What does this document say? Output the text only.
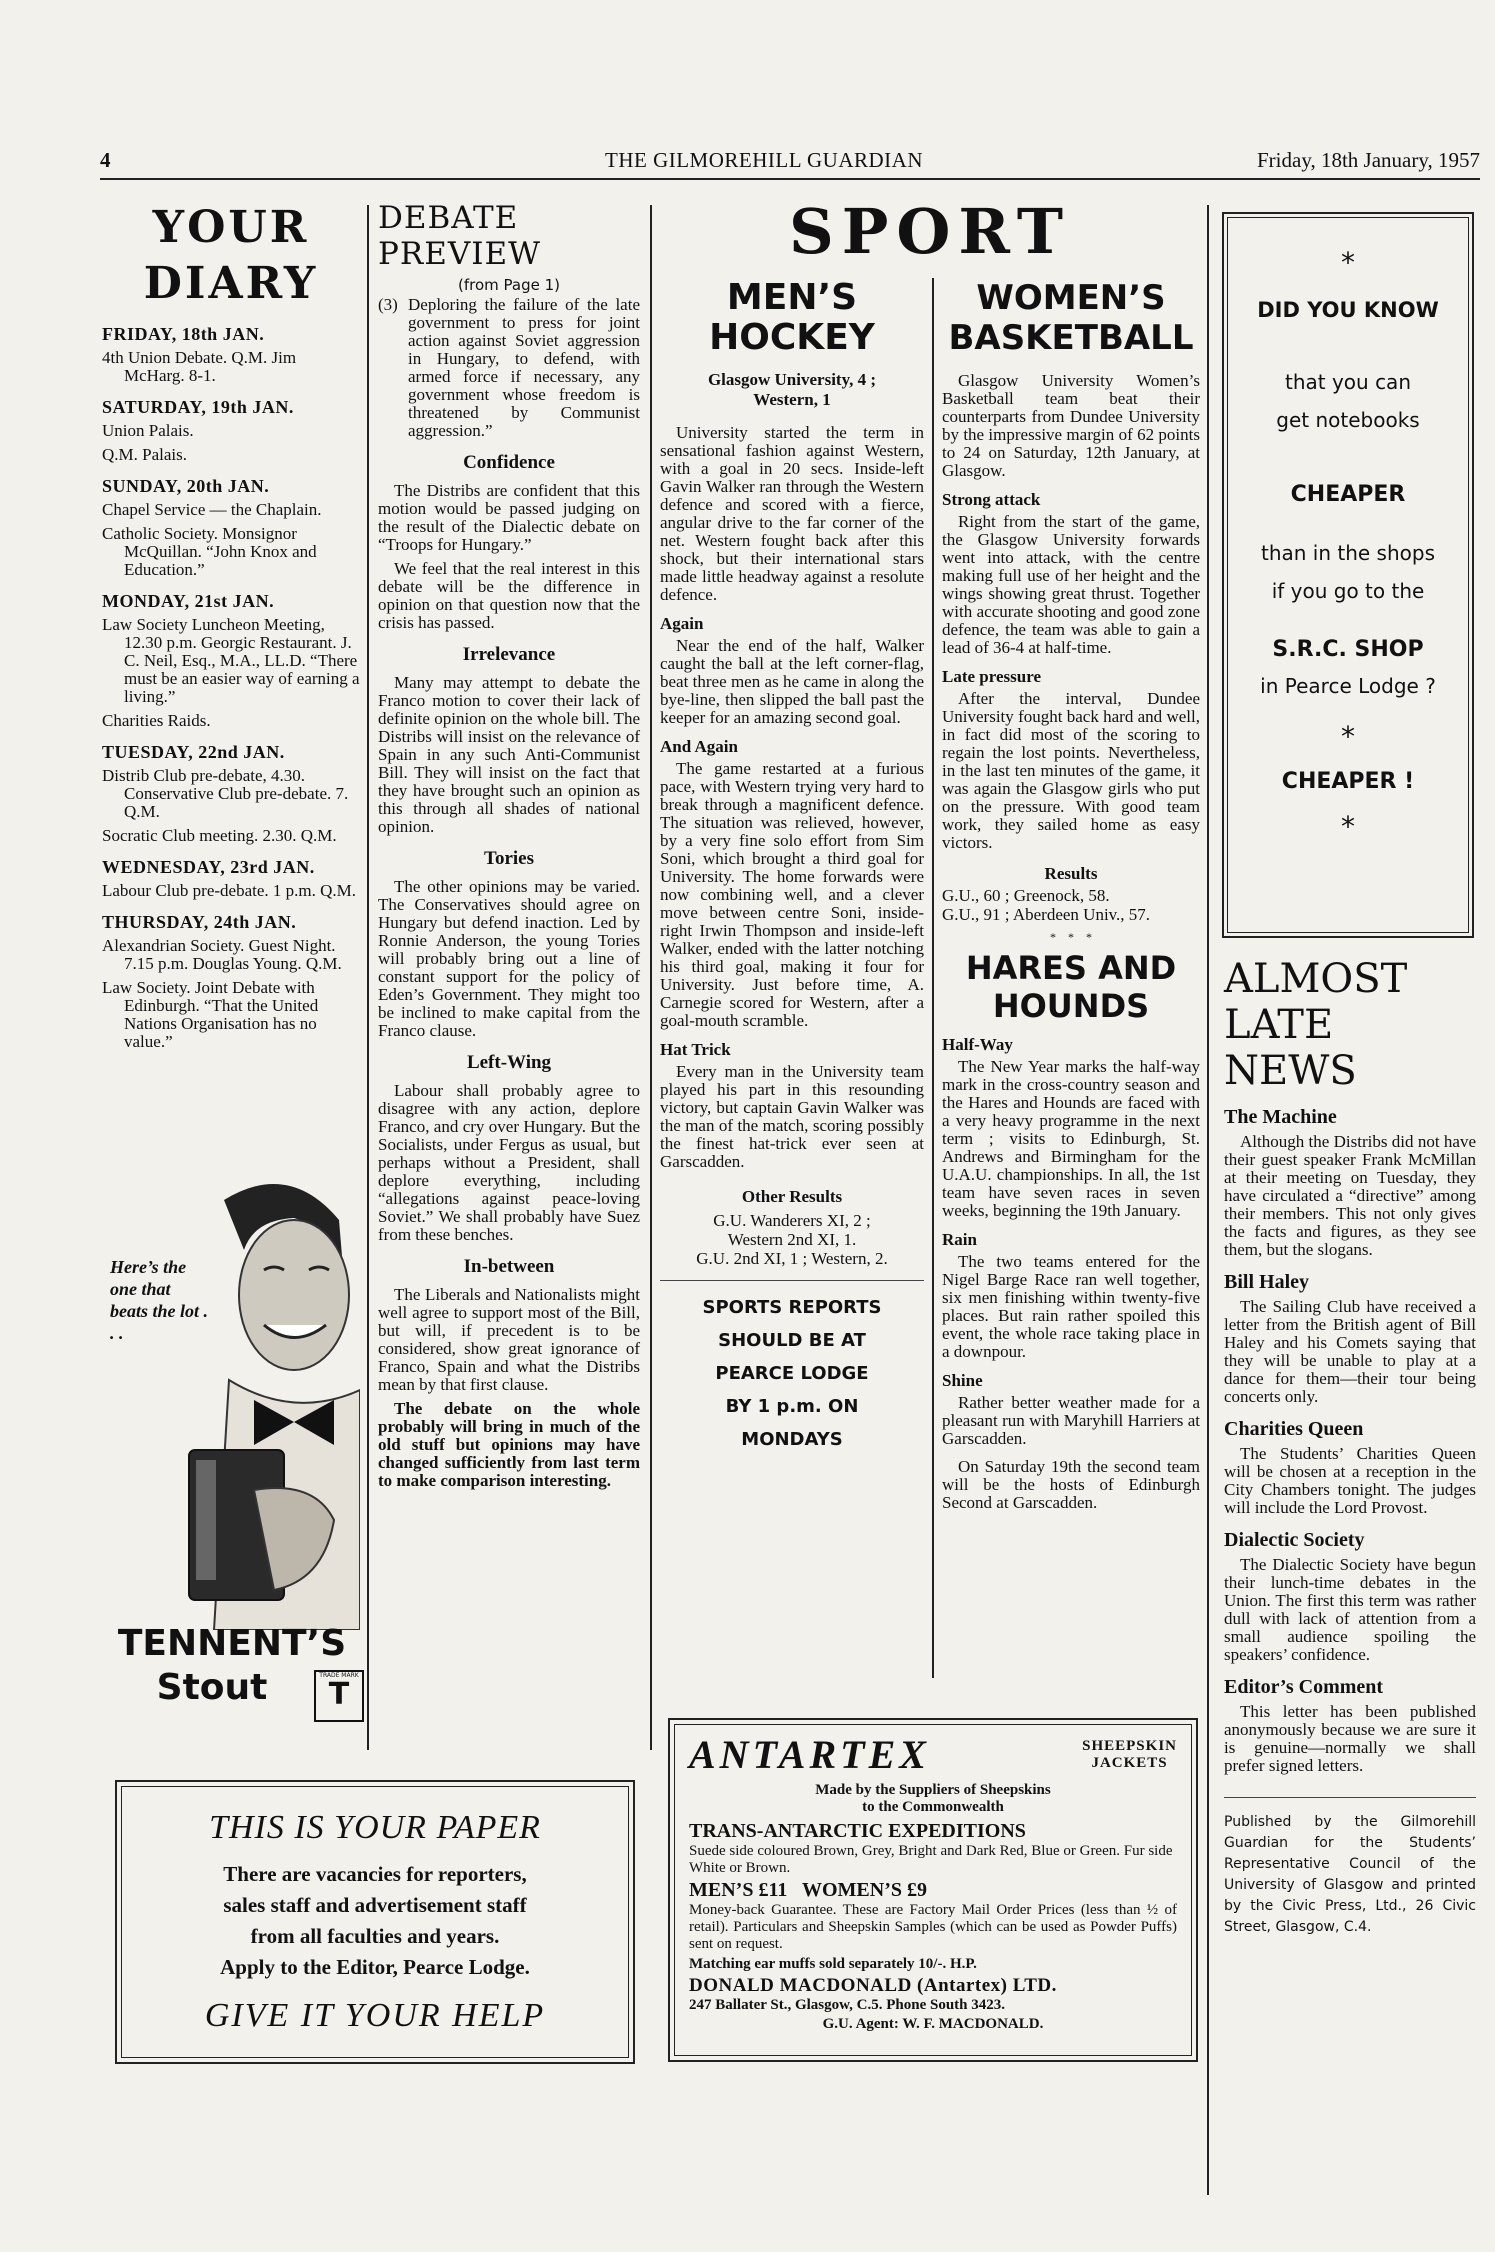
4	THE GILMOREHILL GUARDIAN	Friday, 18th January, 1957
YOUR
DIARY
FRIDAY, 18th JAN.
4th Union Debate. Q.M. Jim McHarg. 8-1.
SATURDAY, 19th JAN.
Union Palais.
Q.M. Palais.
SUNDAY, 20th JAN.
Chapel Service — the Chaplain.
Catholic Society. Monsignor McQuillan. “John Knox and Education.”
MONDAY, 21st JAN.
Law Society Luncheon Meeting, 12.30 p.m. Georgic Restaurant. J. C. Neil, Esq., M.A., LL.D. “There must be an easier way of earning a living.”
Charities Raids.
TUESDAY, 22nd JAN.
Distrib Club pre-debate, 4.30. Conservative Club pre-debate. 7. Q.M.
Socratic Club meeting. 2.30. Q.M.
WEDNESDAY, 23rd JAN.
Labour Club pre-debate. 1 p.m. Q.M.
THURSDAY, 24th JAN.
Alexandrian Society. Guest Night. 7.15 p.m. Douglas Young. Q.M.
Law Society. Joint Debate with Edinburgh. “That the United Nations Organisation has no value.”
Here’s the one that beats the lot . . .
TENNENT’S
Stout	TRADE MARK
T
DEBATE
PREVIEW
(from Page 1)
(3) Deploring the failure of the late government to press for joint action against Soviet aggression in Hungary, to defend, with armed force if necessary, any government whose freedom is threatened by Communist aggression.”
Confidence

The Distribs are confident that this motion would be passed judging on the result of the Dialectic debate on “Troops for Hungary.”

We feel that the real interest in this debate will be the difference in opinion on that question now that the crisis has passed.

Irrelevance

Many may attempt to debate the Franco motion to cover their lack of definite opinion on the whole bill. The Distribs will insist on the relevance of Spain in any such Anti-Communist Bill. They will insist on the fact that they have brought such an opinion as this through all shades of national opinion.

Tories

The other opinions may be varied. The Conservatives should agree on Hungary but defend inaction. Led by Ronnie Anderson, the young Tories will probably bring out a line of constant support for the policy of Eden’s Government. They might too be inclined to make capital from the Franco clause.

Left-Wing

Labour shall probably agree to disagree with any action, deplore Franco, and cry over Hungary. But the Socialists, under Fergus as usual, but perhaps without a President, shall deplore everything, including “allegations against peace-loving Soviet.” We shall probably have Suez from these benches.

In-between

The Liberals and Nationalists might well agree to support most of the Bill, but will, if precedent is to be considered, show great ignorance of Franco, Spain and what the Distribs mean by that first clause.

The debate on the whole probably will bring in much of the old stuff but opinions may have changed sufficiently from last term to make comparison interesting.

SPORT
MEN’S
HOCKEY
Glasgow University, 4 ;
Western, 1

University started the term in sensational fashion against Western, with a goal in 20 secs. Inside-left Gavin Walker ran through the Western defence and scored with a fierce, angular drive to the far corner of the net. Western fought back after this shock, but their international stars made little headway against a resolute defence.

Again

Near the end of the half, Walker caught the ball at the left corner-flag, beat three men as he came in along the bye-line, then slipped the ball past the keeper for an amazing second goal.

And Again

The game restarted at a furious pace, with Western trying very hard to break through a magnificent defence. The situation was relieved, however, by a very fine solo effort from Sim Soni, which brought a third goal for University. The home forwards were now combining well, and a clever move between centre Soni, inside-right Irwin Thompson and inside-left Walker, ended with the latter notching his third goal, making it four for University. Just before time, A. Carnegie scored for Western, after a goal-mouth scramble.

Hat Trick

Every man in the University team played his part in this resounding victory, but captain Gavin Walker was the man of the match, scoring possibly the finest hat-trick ever seen at Garscadden.

Other Results
G.U. Wanderers XI, 2 ;
Western 2nd XI, 1.
G.U. 2nd XI, 1 ; Western, 2.
SPORTS REPORTS
SHOULD BE AT
PEARCE LODGE
BY 1 p.m. ON
MONDAYS
WOMEN’S
BASKETBALL

Glasgow University Women’s Basketball team beat their counterparts from Dundee University by the impressive margin of 62 points to 24 on Saturday, 12th January, at Glasgow.

Strong attack

Right from the start of the game, the Glasgow University forwards went into attack, with the centre making full use of her height and the wings showing great thrust. Together with accurate shooting and good zone defence, the team was able to gain a lead of 36-4 at half-time.

Late pressure

After the interval, Dundee University fought back hard and well, in fact did most of the scoring to regain the lost points. Nevertheless, in the last ten minutes of the game, it was again the Glasgow girls who put on the pressure. With good team work, they sailed home as easy victors.

Results
G.U., 60 ; Greenock, 58.
G.U., 91 ; Aberdeen Univ., 57.
*    *    *
HARES AND
HOUNDS
Half-Way

The New Year marks the half-way mark in the cross-country season and the Hares and Hounds are faced with a very heavy programme in the next term ; visits to Edinburgh, St. Andrews and Birmingham for the U.A.U. championships. In all, the 1st team have seven races in seven weeks, beginning the 19th January.

Rain

The two teams entered for the Nigel Barge Race ran well together, six men finishing within twenty-five places. But rain rather spoiled this event, the whole race taking place in a downpour.

Shine

Rather better weather made for a pleasant run with Maryhill Harriers at Garscadden.

On Saturday 19th the second team will be the hosts of Edinburgh Second at Garscadden.

*
DID YOU KNOW
that you can
get notebooks
CHEAPER
than in the shops
if you go to the
S.R.C. SHOP
in Pearce Lodge ?
*
CHEAPER !
*
ALMOST
LATE
NEWS
The Machine

Although the Distribs did not have their guest speaker Frank McMillan at their meeting on Tuesday, they have circulated a “directive” among their members. This not only gives the facts and figures, as they see them, but the slogans.

Bill Haley

The Sailing Club have received a letter from the British agent of Bill Haley and his Comets saying that they will be unable to play at a dance for them—their tour being concerts only.

Charities Queen

The Students’ Charities Queen will be chosen at a reception in the City Chambers tonight. The judges will include the Lord Provost.

Dialectic Society

The Dialectic Society have begun their lunch-time debates in the Union. The first this term was rather dull with lack of attention from a small audience spoiling the speakers’ confidence.

Editor’s Comment

This letter has been published anonymously because we are sure it is genuine—normally we shall prefer signed letters.

Published by the Gilmorehill Guardian for the Students’ Representative Council of the University of Glasgow and printed by the Civic Press, Ltd., 26 Civic Street, Glasgow, C.4.

THIS IS YOUR PAPER
There are vacancies for reporters,
sales staff and advertisement staff
from all faculties and years.
Apply to the Editor, Pearce Lodge.
GIVE IT YOUR HELP
ANTARTEX	SHEEPSKIN
JACKETS
Made by the Suppliers of Sheepskins
to the Commonwealth
TRANS-ANTARCTIC EXPEDITIONS

Suede side coloured Brown, Grey, Bright and Dark Red, Blue or Green. Fur side White or Brown.

MEN’S £11   WOMEN’S £9

Money-back Guarantee. These are Factory Mail Order Prices (less than ½ of retail). Particulars and Sheepskin Samples (which can be used as Powder Puffs) sent on request.

Matching ear muffs sold separately 10/-. H.P.

DONALD MACDONALD (Antartex) LTD.
247 Ballater St., Glasgow, C.5. Phone South 3423.
G.U. Agent: W. F. MACDONALD.
